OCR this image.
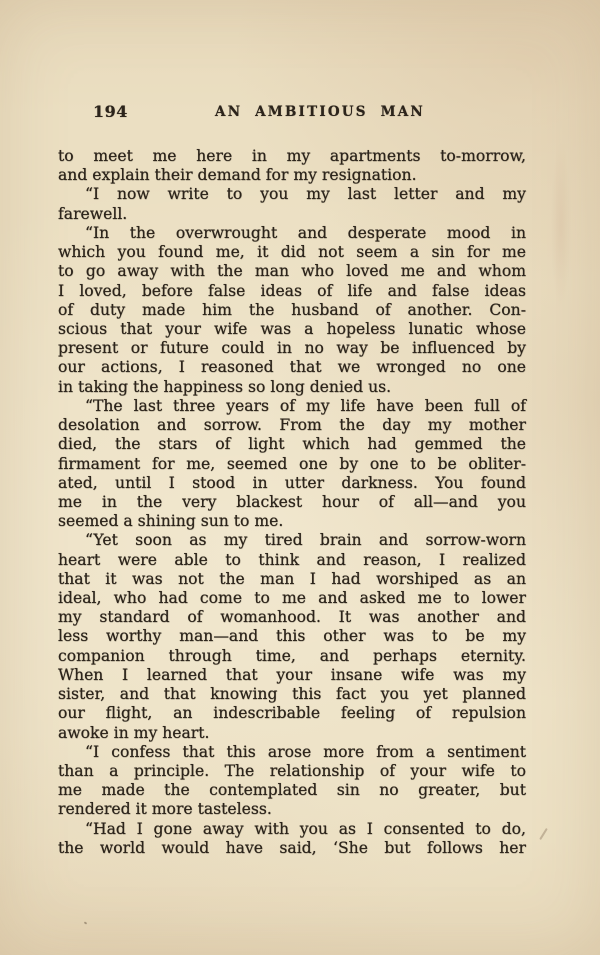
194	AN AMBITIOUS MAN
to meet me here in my apartments to-morrow,
and explain their demand for my resignation.
“I now write to you my last letter and my
farewell.
“In the overwrought and desperate mood in
which you found me, it did not seem a sin for me
to go away with the man who loved me and whom
I loved, before false ideas of life and false ideas
of duty made him the husband of another. Con-
scious that your wife was a hopeless lunatic whose
present or future could in no way be influenced by
our actions, I reasoned that we wronged no one
in taking the happiness so long denied us.
“The last three years of my life have been full of
desolation and sorrow. From the day my mother
died, the stars of light which had gemmed the
firmament for me, seemed one by one to be obliter-
ated, until I stood in utter darkness. You found
me in the very blackest hour of all—and you
seemed a shining sun to me.
“Yet soon as my tired brain and sorrow-worn
heart were able to think and reason, I realized
that it was not the man I had worshiped as an
ideal, who had come to me and asked me to lower
my standard of womanhood. It was another and
less worthy man—and this other was to be my
companion through time, and perhaps eternity.
When I learned that your insane wife was my
sister, and that knowing this fact you yet planned
our flight, an indescribable feeling of repulsion
awoke in my heart.
“I confess that this arose more from a sentiment
than a principle. The relationship of your wife to
me made the contemplated sin no greater, but
rendered it more tasteless.
“Had I gone away with you as I consented to do,
the world would have said, ‘She but follows her
